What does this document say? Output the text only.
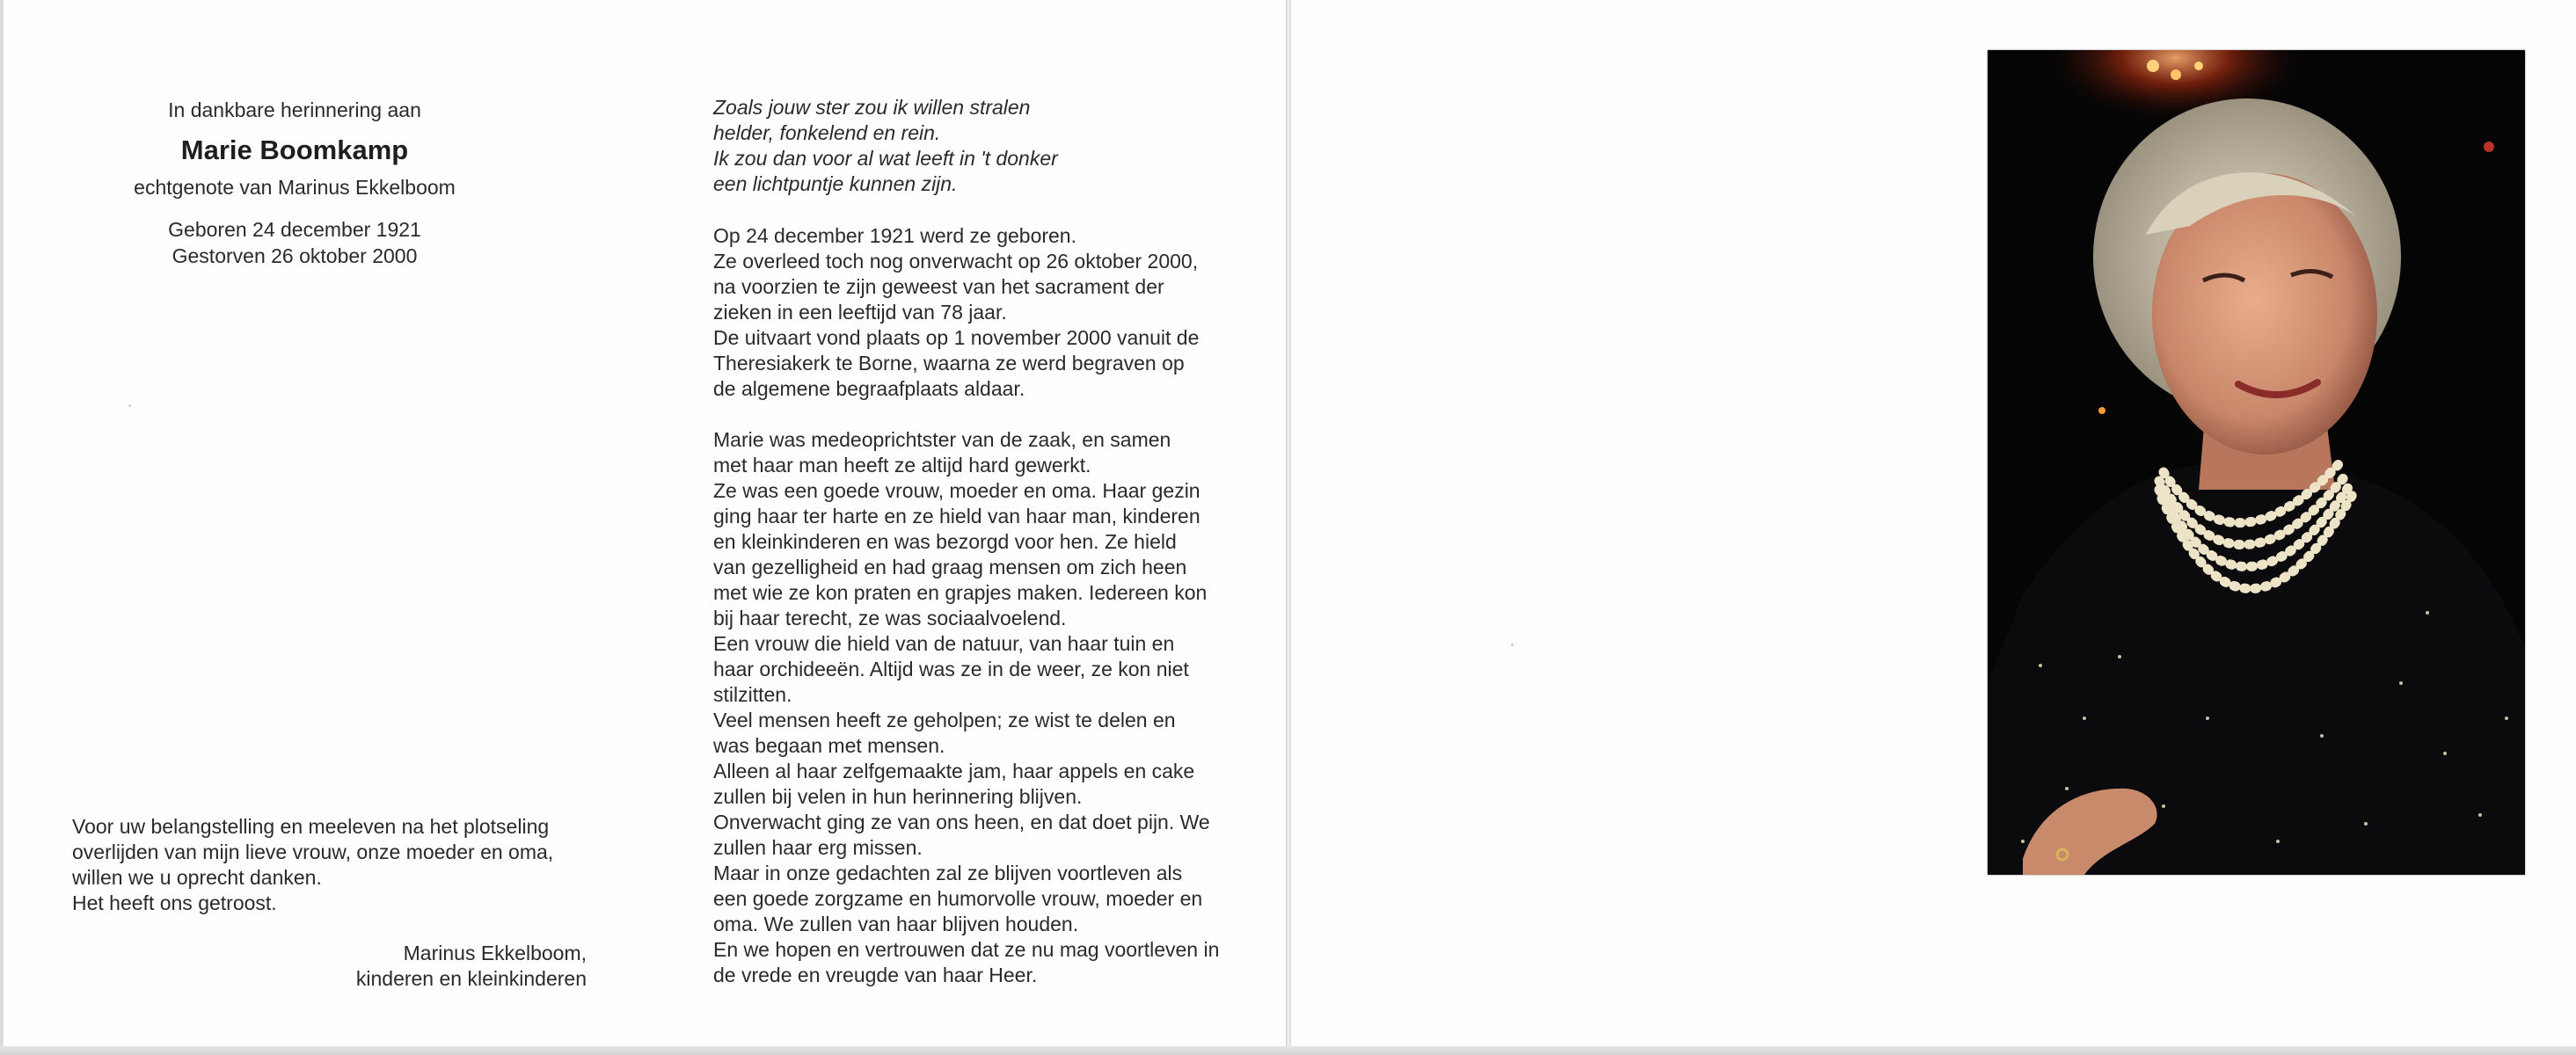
In dankbare herinnering aan

Marie Boomkamp

echtgenote van Marinus Ekkelboom

Geboren 24 december 1921

Gestorven 26 oktober 2000

Voor uw belangstelling en meeleven na het plotseling
overlijden van mijn lieve vrouw, onze moeder en oma,
willen we u oprecht danken.
Het heeft ons getroost.
Marinus Ekkelboom,
kinderen en kleinkinderen

Zoals jouw ster zou ik willen stralen
helder, fonkelend en rein.
Ik zou dan voor al wat leeft in 't donker
een lichtpuntje kunnen zijn.

Op 24 december 1921 werd ze geboren.
Ze overleed toch nog onverwacht op 26 oktober 2000,
na voorzien te zijn geweest van het sacrament der
zieken in een leeftijd van 78 jaar.
De uitvaart vond plaats op 1 november 2000 vanuit de
Theresiakerk te Borne, waarna ze werd begraven op
de algemene begraafplaats aldaar.

Marie was medeoprichtster van de zaak, en samen
met haar man heeft ze altijd hard gewerkt.
Ze was een goede vrouw, moeder en oma. Haar gezin
ging haar ter harte en ze hield van haar man, kinderen
en kleinkinderen en was bezorgd voor hen. Ze hield
van gezelligheid en had graag mensen om zich heen
met wie ze kon praten en grapjes maken. Iedereen kon
bij haar terecht, ze was sociaalvoelend.
Een vrouw die hield van de natuur, van haar tuin en
haar orchideeën. Altijd was ze in de weer, ze kon niet
stilzitten.
Veel mensen heeft ze geholpen; ze wist te delen en
was begaan met mensen.
Alleen al haar zelfgemaakte jam, haar appels en cake
zullen bij velen in hun herinnering blijven.
Onverwacht ging ze van ons heen, en dat doet pijn. We
zullen haar erg missen.
Maar in onze gedachten zal ze blijven voortleven als
een goede zorgzame en humorvolle vrouw, moeder en
oma. We zullen van haar blijven houden.
En we hopen en vertrouwen dat ze nu mag voortleven in
de vrede en vreugde van haar Heer.
